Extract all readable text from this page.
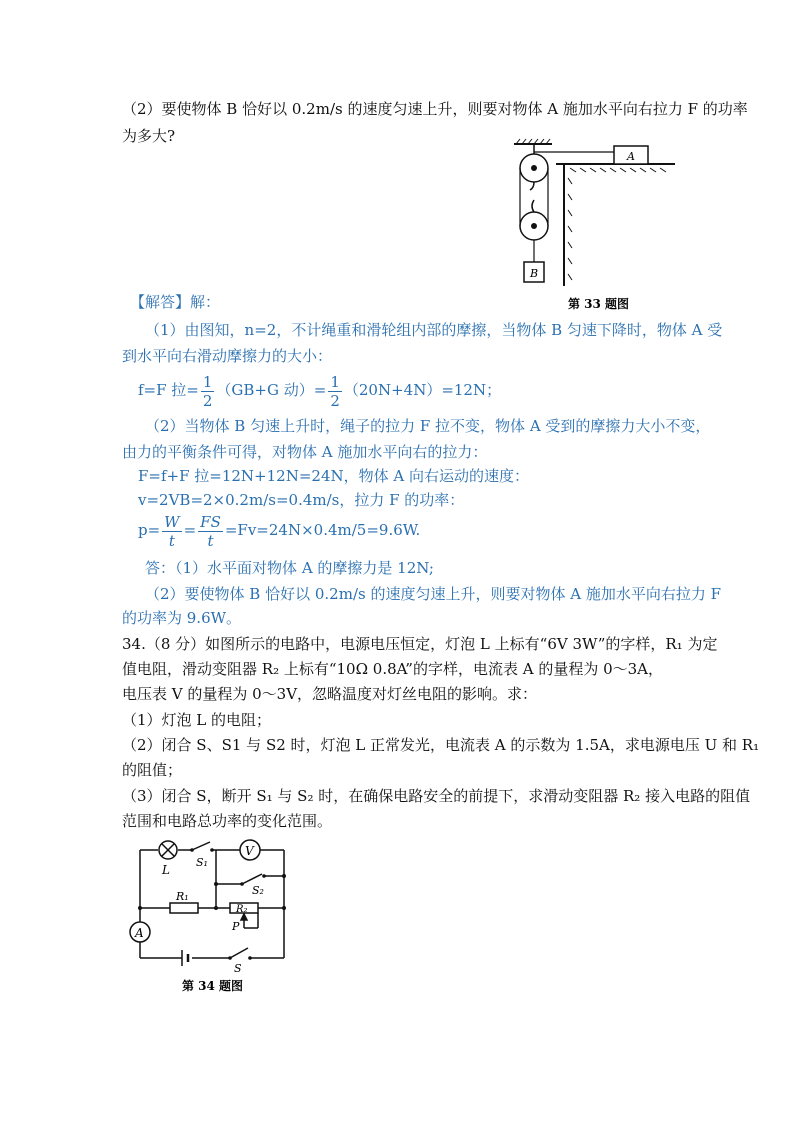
（2）要使物体 B 恰好以 0.2m/s 的速度匀速上升，则要对物体 A 施加水平向右拉力 F 的功率
为多大?
A
B
第 33 题图
【解答】解：
（1）由图知，n=2，不计绳重和滑轮组内部的摩擦，当物体 B 匀速下降时，物体 A 受
到水平向右滑动摩擦力的大小：
f=F 拉= $\frac{1}{2} (GB+G$ 动）= $\frac{1}{2} (20N+4N)=12N$；
（2）当物体 B 匀速上升时，绳子的拉力 F 拉不变，物体 A 受到的摩擦力大小不变，
由力的平衡条件可得，对物体 A 施加水平向右的拉力：
F=f+F 拉=12N+12N=24N，物体 A 向右运动的速度：
v=2VB=2×0.2m/s=0.4m/s，拉力 F 的功率：
$p= \frac{W}{t} = \frac{FS}{t} =Fv=24N\times 0.4m/5=9.6W$.
答：（1）水平面对物体 A 的摩擦力是 12N;
（2）要使物体 B 恰好以 0.2m/s 的速度匀速上升，则要对物体 A 施加水平向右拉力 F
的功率为 9.6W。
34.（8 分）如图所示的电路中，电源电压恒定，灯泡 L 上标有“6V 3W”的字样，R₁ 为定
值电阻，滑动变阻器 R₂ 上标有“10Ω 0.8A”的字样，电流表 A 的量程为 0～3A，
电压表 V 的量程为 0～3V，忽略温度对灯丝电阻的影响。求：
（1）灯泡 L 的电阻；
（2）闭合 S、S1 与 S2 时，灯泡 L 正常发光，电流表 A 的示数为 1.5A，求电源电压 U 和 R₁
的阻值；
（3）闭合 S，断开 S₁ 与 S₂ 时，在确保电路安全的前提下，求滑动变阻器 R₂ 接入电路的阻值
范围和电路总功率的变化范围。
V
A
L
S₁
S₂
R₁
R₂
P
S
第 34 题图
